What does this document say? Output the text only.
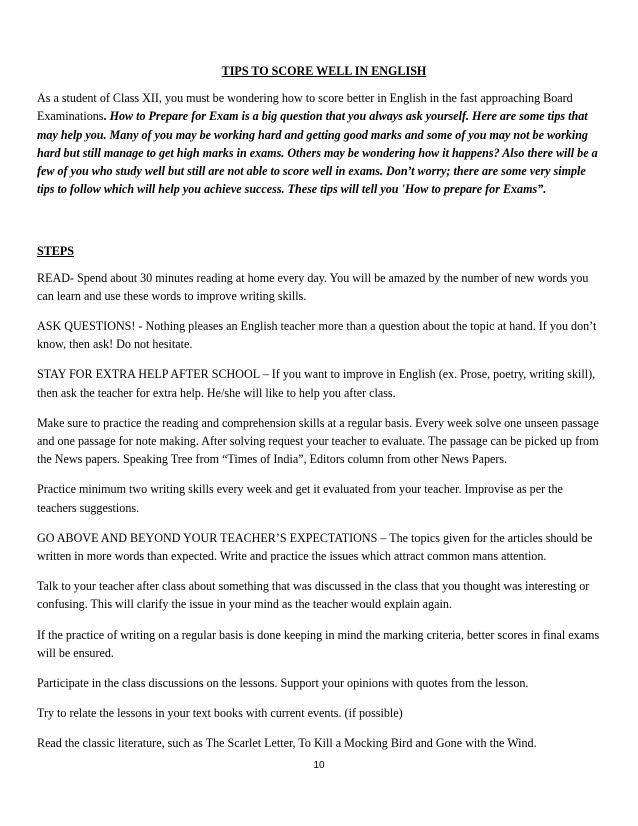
TIPS TO SCORE WELL IN ENGLISH

As a student of Class XII, you must be wondering how to score better in English in the fast approaching Board Examinations. How to Prepare for Exam is a big question that you always ask yourself. Here are some tips that may help you. Many of you may be working hard and getting good marks and some of you may not be working hard but still manage to get high marks in exams. Others may be wondering how it happens? Also there will be a few of you who study well but still are not able to score well in exams. Don’t worry; there are some very simple tips to follow which will help you achieve success. These tips will tell you 'How to prepare for Exams”.

STEPS

READ- Spend about 30 minutes reading at home every day. You will be amazed by the number of new words you can learn and use these words to improve writing skills.

ASK QUESTIONS! - Nothing pleases an English teacher more than a question about the topic at hand. If you don’t know, then ask! Do not hesitate.

STAY FOR EXTRA HELP AFTER SCHOOL – If you want to improve in English (ex. Prose, poetry, writing skill), then ask the teacher for extra help. He/she will like to help you after class.

Make sure to practice the reading and comprehension skills at a regular basis. Every week solve one unseen passage and one passage for note making. After solving request your teacher to evaluate. The passage can be picked up from the News papers. Speaking Tree from “Times of India”, Editors column from other News Papers.

Practice minimum two writing skills every week and get it evaluated from your teacher. Improvise as per the teachers suggestions.

GO ABOVE AND BEYOND YOUR TEACHER’S EXPECTATIONS – The topics given for the articles should be written in more words than expected. Write and practice the issues which attract common mans attention.

Talk to your teacher after class about something that was discussed in the class that you thought was interesting or confusing. This will clarify the issue in your mind as the teacher would explain again.

If the practice of writing on a regular basis is done keeping in mind the marking criteria, better scores in final exams will be ensured.

Participate in the class discussions on the lessons. Support your opinions with quotes from the lesson.

Try to relate the lessons in your text books with current events. (if possible)

Read the classic literature, such as The Scarlet Letter, To Kill a Mocking Bird and Gone with the Wind.

10
